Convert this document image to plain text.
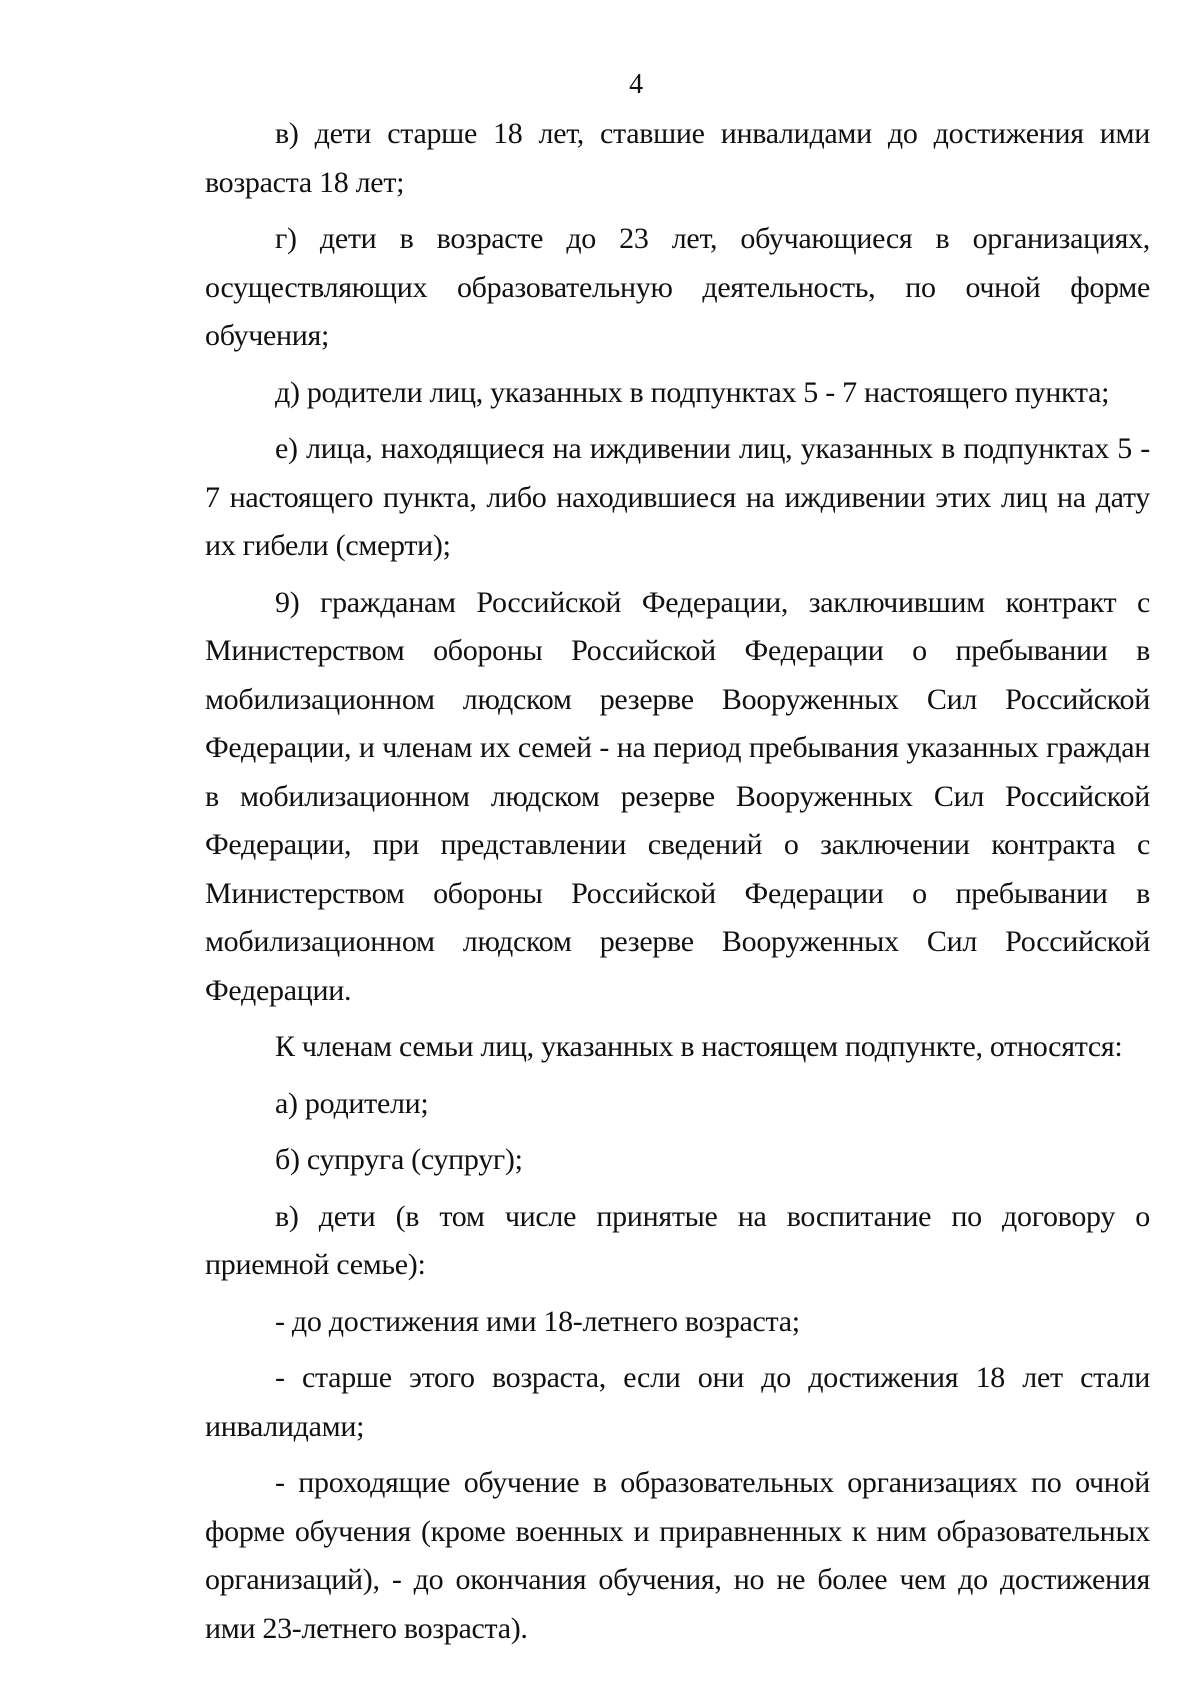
4

в) дети старше 18 лет, ставшие инвалидами до достижения ими возраста 18 лет;

г) дети в возрасте до 23 лет, обучающиеся в организациях, осуществляющих образовательную деятельность, по очной форме обучения;

д) родители лиц, указанных в подпунктах 5 - 7 настоящего пункта;

е) лица, находящиеся на иждивении лиц, указанных в подпунктах 5 - 7 настоящего пункта, либо находившиеся на иждивении этих лиц на дату их гибели (смерти);

9) гражданам Российской Федерации, заключившим контракт с Министерством обороны Российской Федерации о пребывании в мобилизационном людском резерве Вооруженных Сил Российской Федерации, и членам их семей - на период пребывания указанных граждан в мобилизационном людском резерве Вооруженных Сил Российской Федерации, при представлении сведений о заключении контракта с Министерством обороны Российской Федерации о пребывании в мобилизационном людском резерве Вооруженных Сил Российской Федерации.

К членам семьи лиц, указанных в настоящем подпункте, относятся:

а) родители;

б) супруга (супруг);

в) дети (в том числе принятые на воспитание по договору о приемной семье):

- до достижения ими 18-летнего возраста;

- старше этого возраста, если они до достижения 18 лет стали инвалидами;

- проходящие обучение в образовательных организациях по очной форме обучения (кроме военных и приравненных к ним образовательных организаций), - до окончания обучения, но не более чем до достижения ими 23-летнего возраста).
